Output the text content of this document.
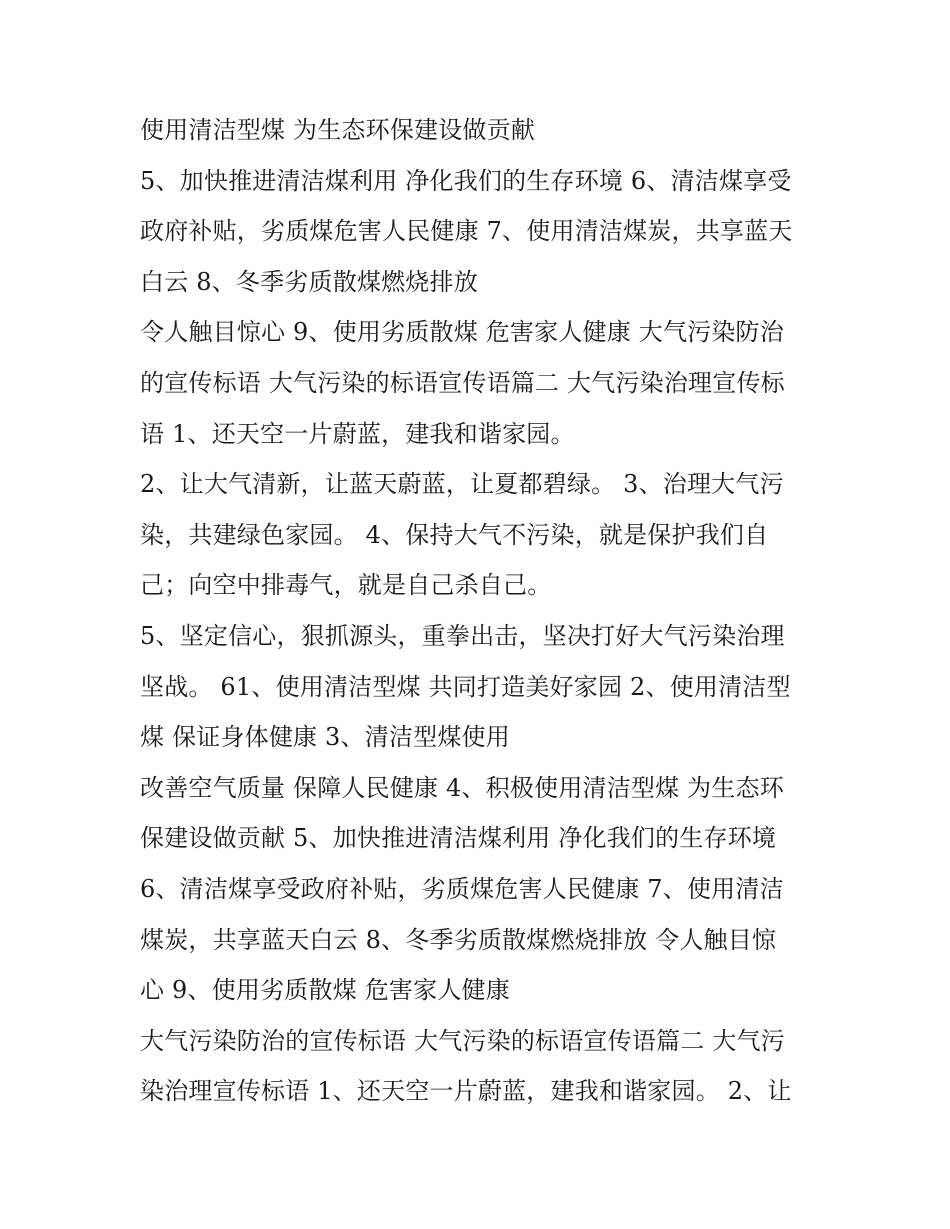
使用清洁型煤 为生态环保建设做贡献
5、加快推进清洁煤利用 净化我们的生存环境 6、清洁煤享受
政府补贴，劣质煤危害人民健康 7、使用清洁煤炭，共享蓝天
白云 8、冬季劣质散煤燃烧排放
令人触目惊心 9、使用劣质散煤 危害家人健康 大气污染防治
的宣传标语 大气污染的标语宣传语篇二 大气污染治理宣传标
语 1、还天空一片蔚蓝，建我和谐家园。
2、让大气清新，让蓝天蔚蓝，让夏都碧绿。 3、治理大气污
染，共建绿色家园。 4、保持大气不污染，就是保护我们自
己；向空中排毒气，就是自己杀自己。
5、坚定信心，狠抓源头，重拳出击，坚决打好大气污染治理
坚战。 61、使用清洁型煤 共同打造美好家园 2、使用清洁型
煤 保证身体健康 3、清洁型煤使用
改善空气质量 保障人民健康 4、积极使用清洁型煤 为生态环
保建设做贡献 5、加快推进清洁煤利用 净化我们的生存环境
6、清洁煤享受政府补贴，劣质煤危害人民健康 7、使用清洁
煤炭，共享蓝天白云 8、冬季劣质散煤燃烧排放 令人触目惊
心 9、使用劣质散煤 危害家人健康
大气污染防治的宣传标语 大气污染的标语宣传语篇二 大气污
染治理宣传标语 1、还天空一片蔚蓝，建我和谐家园。 2、让
